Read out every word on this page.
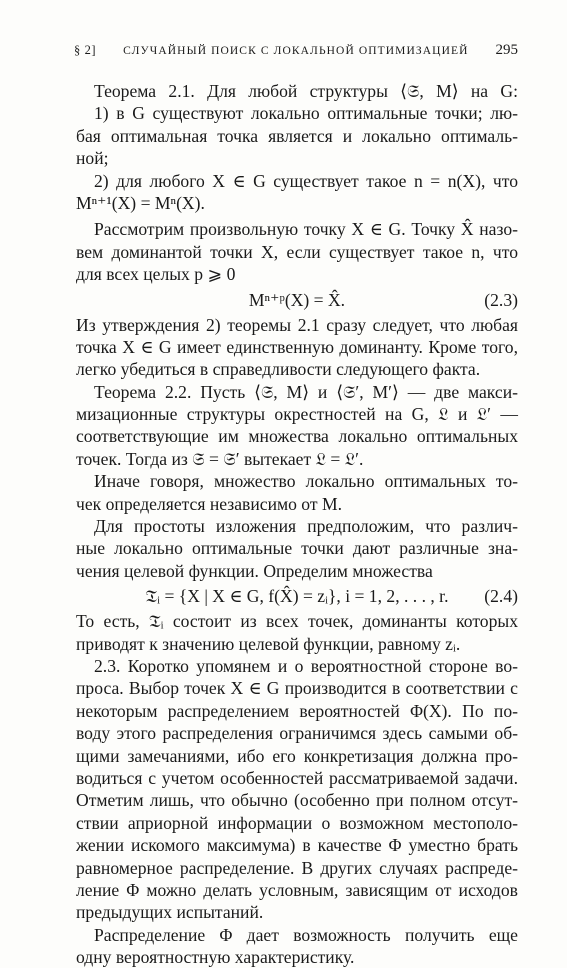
§ 2] СЛУЧАЙНЫЙ ПОИСК С ЛОКАЛЬНОЙ ОПТИМИЗАЦИЕЙ 295
Теорема 2.1. Для любой структуры ⟨𝔖, M⟩ на G:
1) в G существуют локально оптимальные точки; лю-
бая оптимальная точка является и локально оптималь-
ной;
2) для любого X ∈ G существует такое n = n(X), что
Mⁿ⁺¹(X) = Mⁿ(X).
Рассмотрим произвольную точку X ∈ G. Точку X̂ назо-
вем доминантой точки X, если существует такое n, что
для всех целых p ⩾ 0
Mⁿ⁺ᵖ(X) = X̂.	(2.3)
Из утверждения 2) теоремы 2.1 сразу следует, что любая
точка X ∈ G имеет единственную доминанту. Кроме того,
легко убедиться в справедливости следующего факта.
Теорема 2.2. Пусть ⟨𝔖, M⟩ и ⟨𝔖′, M′⟩ — две макси-
мизационные структуры окрестностей на G, 𝔏 и 𝔏′ —
соответствующие им множества локально оптимальных
точек. Тогда из 𝔖 = 𝔖′ вытекает 𝔏 = 𝔏′.
Иначе говоря, множество локально оптимальных то-
чек определяется независимо от M.
Для простоты изложения предположим, что различ-
ные локально оптимальные точки дают различные зна-
чения целевой функции. Определим множества
𝔗ᵢ = {X | X ∈ G, f(X̂) = zᵢ}, i = 1, 2, . . . , r.	(2.4)
То есть, 𝔗ᵢ состоит из всех точек, доминанты которых
приводят к значению целевой функции, равному zᵢ.
2.3. Коротко упомянем и о вероятностной стороне во-
проса. Выбор точек X ∈ G производится в соответствии с
некоторым распределением вероятностей Φ(X). По по-
воду этого распределения ограничимся здесь самыми об-
щими замечаниями, ибо его конкретизация должна про-
водиться с учетом особенностей рассматриваемой задачи.
Отметим лишь, что обычно (особенно при полном отсут-
ствии априорной информации о возможном местополо-
жении искомого максимума) в качестве Φ уместно брать
равномерное распределение. В других случаях распреде-
ление Φ можно делать условным, зависящим от исходов
предыдущих испытаний.
Распределение Φ дает возможность получить еще
одну вероятностную характеристику.
